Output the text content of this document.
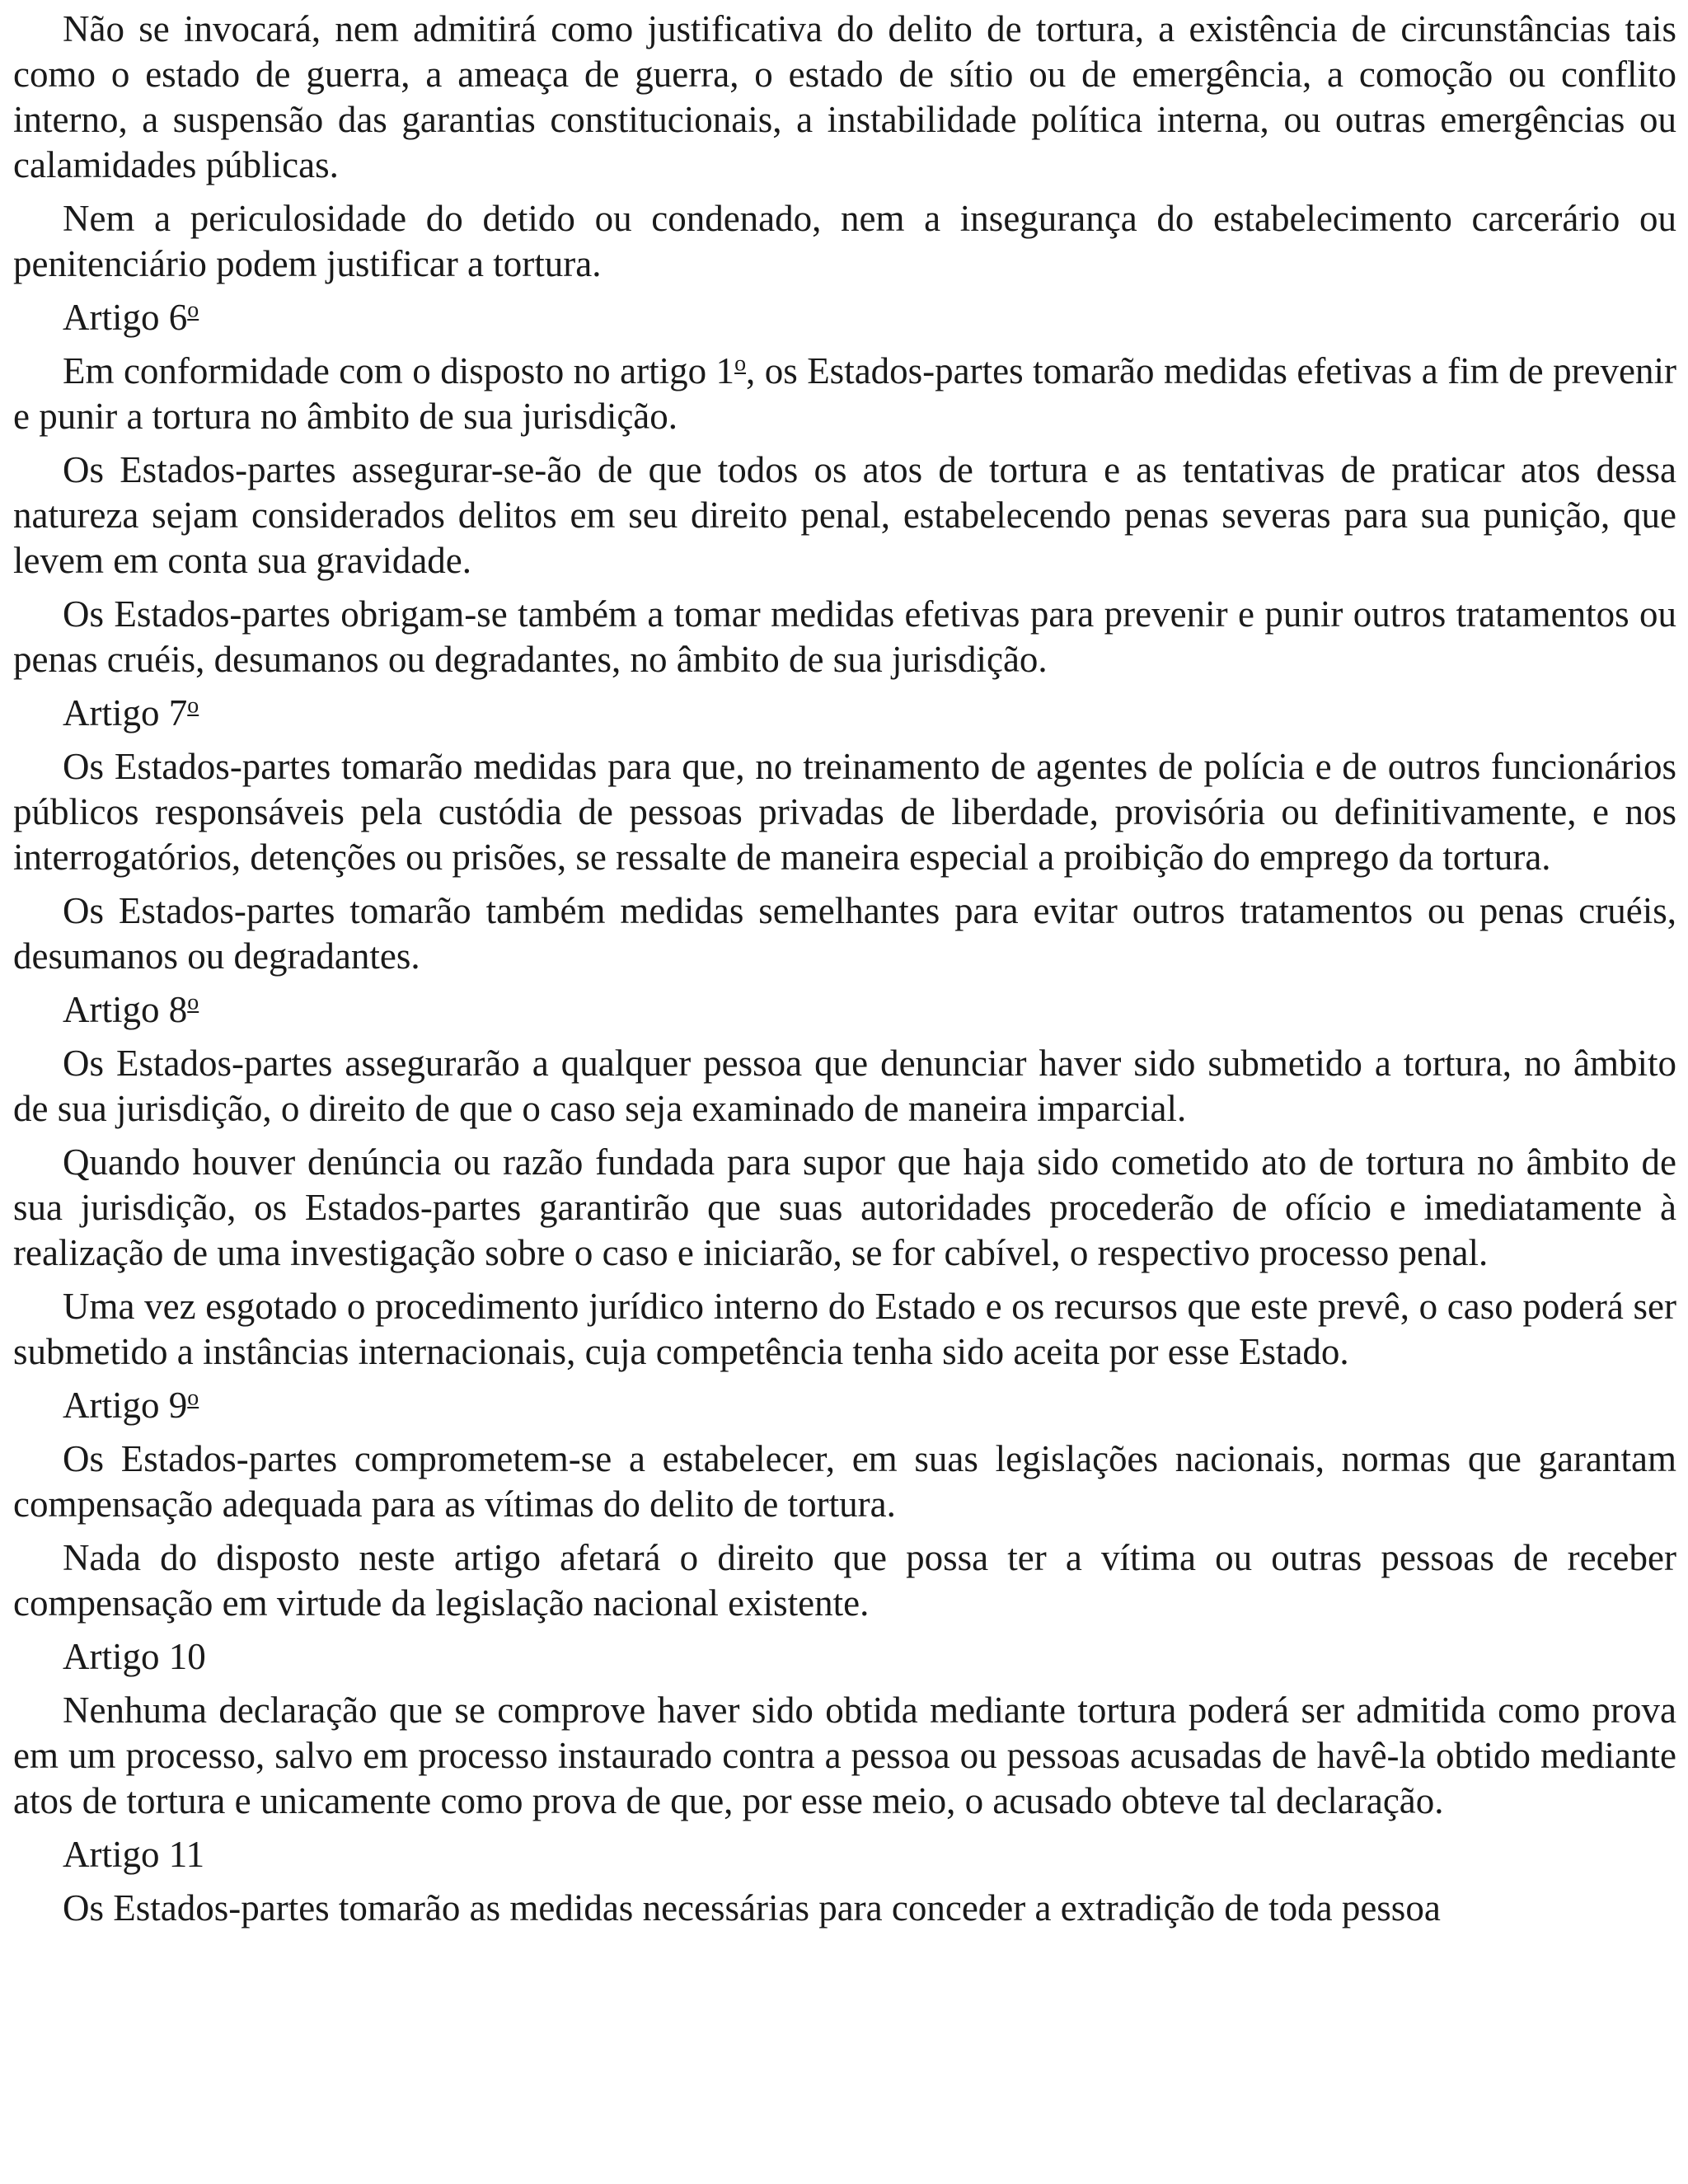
Não se invocará, nem admitirá como justificativa do delito de tortura, a existência de circunstâncias tais como o estado de guerra, a ameaça de guerra, o estado de sítio ou de emergência, a comoção ou conflito interno, a suspensão das garantias constitucionais, a instabilidade política interna, ou outras emergências ou calamidades públicas.

Nem a periculosidade do detido ou condenado, nem a insegurança do estabelecimento carcerário ou penitenciário podem justificar a tortura.

Artigo 6$^o$

Em conformidade com o disposto no artigo 1$^o$, os Estados-partes tomarão medidas efetivas a fim de prevenir e punir a tortura no âmbito de sua jurisdição.

Os Estados-partes assegurar-se-ão de que todos os atos de tortura e as tentativas de praticar atos dessa natureza sejam considerados delitos em seu direito penal, estabelecendo penas severas para sua punição, que levem em conta sua gravidade.

Os Estados-partes obrigam-se também a tomar medidas efetivas para prevenir e punir outros tratamentos ou penas cruéis, desumanos ou degradantes, no âmbito de sua jurisdição.

Artigo 7$^o$

Os Estados-partes tomarão medidas para que, no treinamento de agentes de polícia e de outros funcionários públicos responsáveis pela custódia de pessoas privadas de liberdade, provisória ou definitivamente, e nos interrogatórios, detenções ou prisões, se ressalte de maneira especial a proibição do emprego da tortura.

Os Estados-partes tomarão também medidas semelhantes para evitar outros tratamentos ou penas cruéis, desumanos ou degradantes.

Artigo 8$^o$

Os Estados-partes assegurarão a qualquer pessoa que denunciar haver sido submetido a tortura, no âmbito de sua jurisdição, o direito de que o caso seja examinado de maneira imparcial.

Quando houver denúncia ou razão fundada para supor que haja sido cometido ato de tortura no âmbito de sua jurisdição, os Estados-partes garantirão que suas autoridades procederão de ofício e imediatamente à realização de uma investigação sobre o caso e iniciarão, se for cabível, o respectivo processo penal.

Uma vez esgotado o procedimento jurídico interno do Estado e os recursos que este prevê, o caso poderá ser submetido a instâncias internacionais, cuja competência tenha sido aceita por esse Estado.

Artigo 9$^o$

Os Estados-partes comprometem-se a estabelecer, em suas legislações nacionais, normas que garantam compensação adequada para as vítimas do delito de tortura.

Nada do disposto neste artigo afetará o direito que possa ter a vítima ou outras pessoas de receber compensação em virtude da legislação nacional existente.

Artigo 10

Nenhuma declaração que se comprove haver sido obtida mediante tortura poderá ser admitida como prova em um processo, salvo em processo instaurado contra a pessoa ou pessoas acusadas de havê-la obtido mediante atos de tortura e unicamente como prova de que, por esse meio, o acusado obteve tal declaração.

Artigo 11

Os Estados-partes tomarão as medidas necessárias para conceder a extradição de toda pessoa
